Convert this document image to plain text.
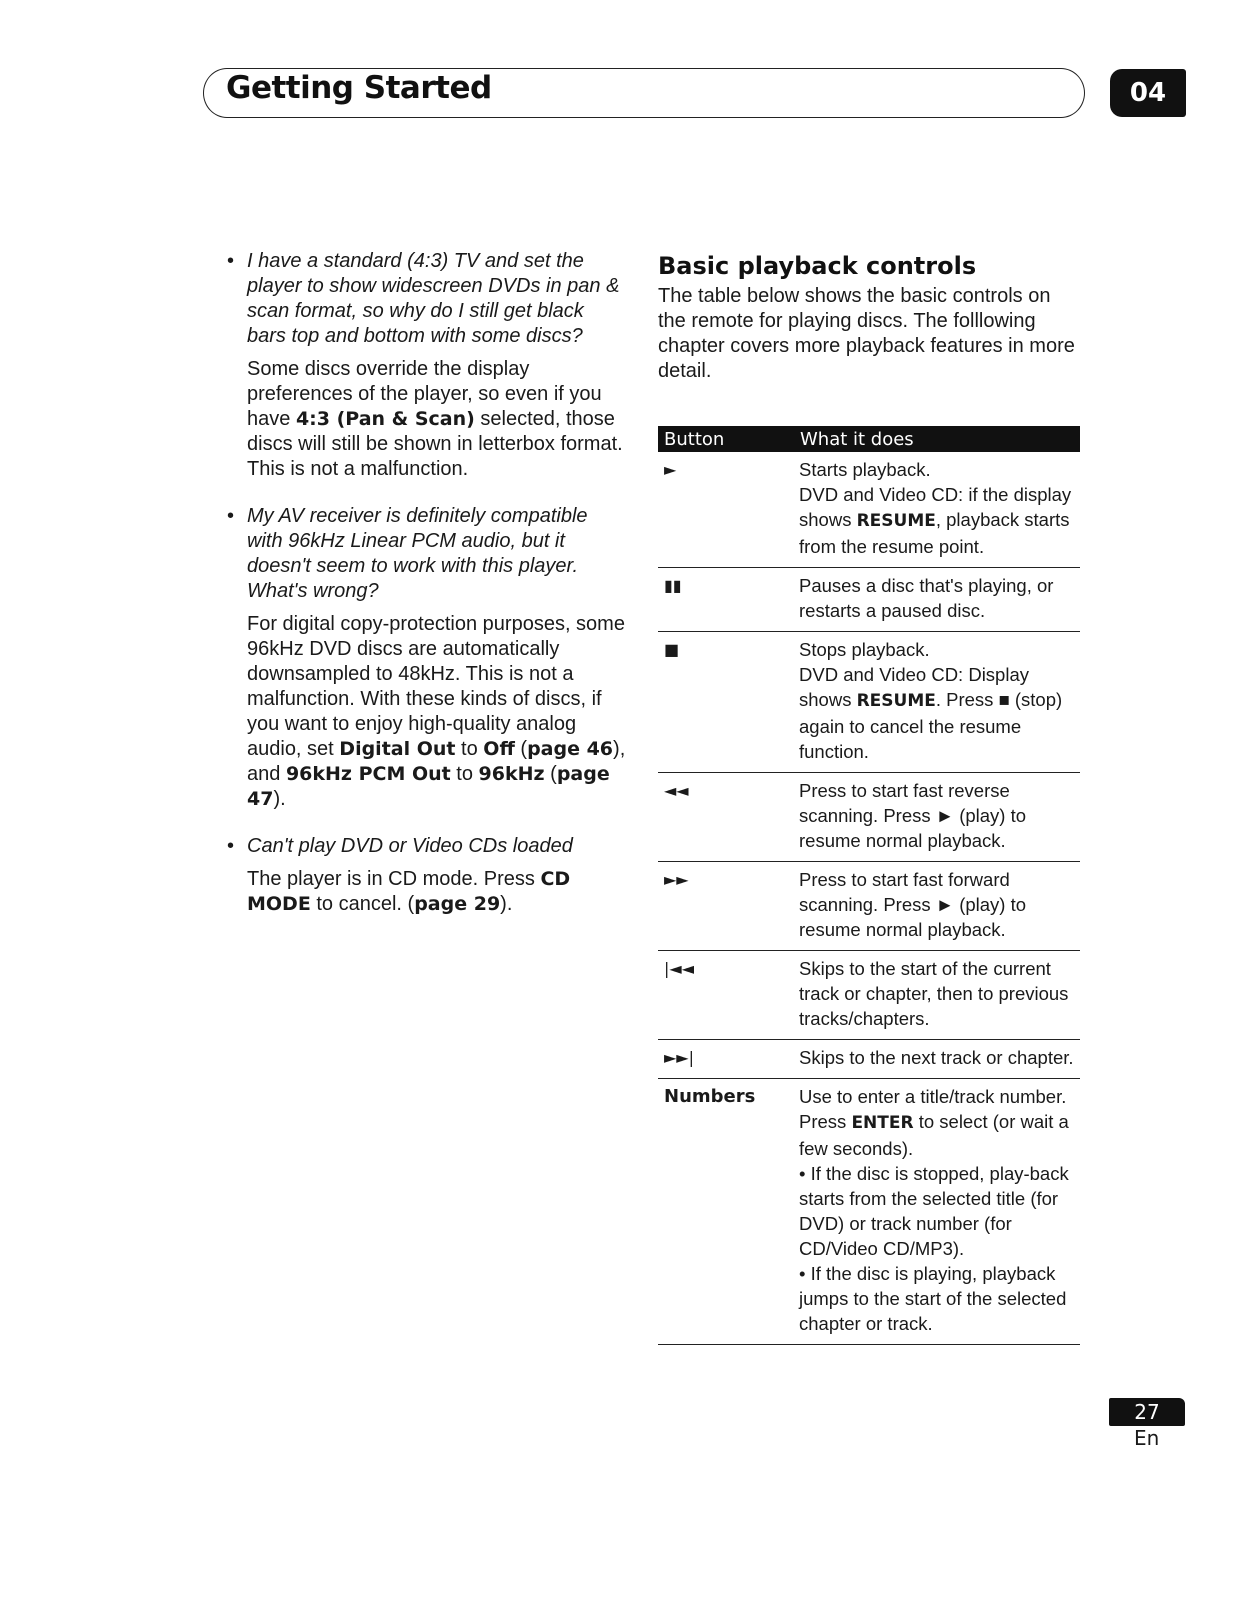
Getting Started	04
• I have a standard (4:3) TV and set the player to show widescreen DVDs in pan & scan format, so why do I still get black bars top and bottom with some discs?
Some discs override the display preferences of the player, so even if you have 4:3 (Pan & Scan) selected, those discs will still be shown in letterbox format. This is not a malfunction.
• My AV receiver is definitely compatible with 96kHz Linear PCM audio, but it doesn't seem to work with this player. What's wrong?
For digital copy-protection purposes, some 96kHz DVD discs are automatically downsampled to 48kHz. This is not a malfunction. With these kinds of discs, if you want to enjoy high-quality analog audio, set Digital Out to Off (page 46), and 96kHz PCM Out to 96kHz (page 47).
• Can't play DVD or Video CDs loaded
The player is in CD mode. Press CD MODE to cancel. (page 29).
Basic playback controls

The table below shows the basic controls on the remote for playing discs. The folllowing chapter covers more playback features in more detail.

Button	What it does
►	Starts playback.
DVD and Video CD: if the display shows RESUME, playback starts from the resume point.
▮▮	Pauses a disc that's playing, or restarts a paused disc.
■	Stops playback.
DVD and Video CD: Display shows RESUME. Press ■ (stop) again to cancel the resume function.
◄◄	Press to start fast reverse scanning. Press ► (play) to resume normal playback.
►►	Press to start fast forward scanning. Press ► (play) to resume normal playback.
|◄◄	Skips to the start of the current track or chapter, then to previous tracks/chapters.
►►|	Skips to the next track or chapter.
Numbers	Use to enter a title/track number. Press ENTER to select (or wait a few seconds).
• If the disc is stopped, play-back starts from the selected title (for DVD) or track number (for CD/Video CD/MP3).
• If the disc is playing, playback jumps to the start of the selected chapter or track.
27
En
